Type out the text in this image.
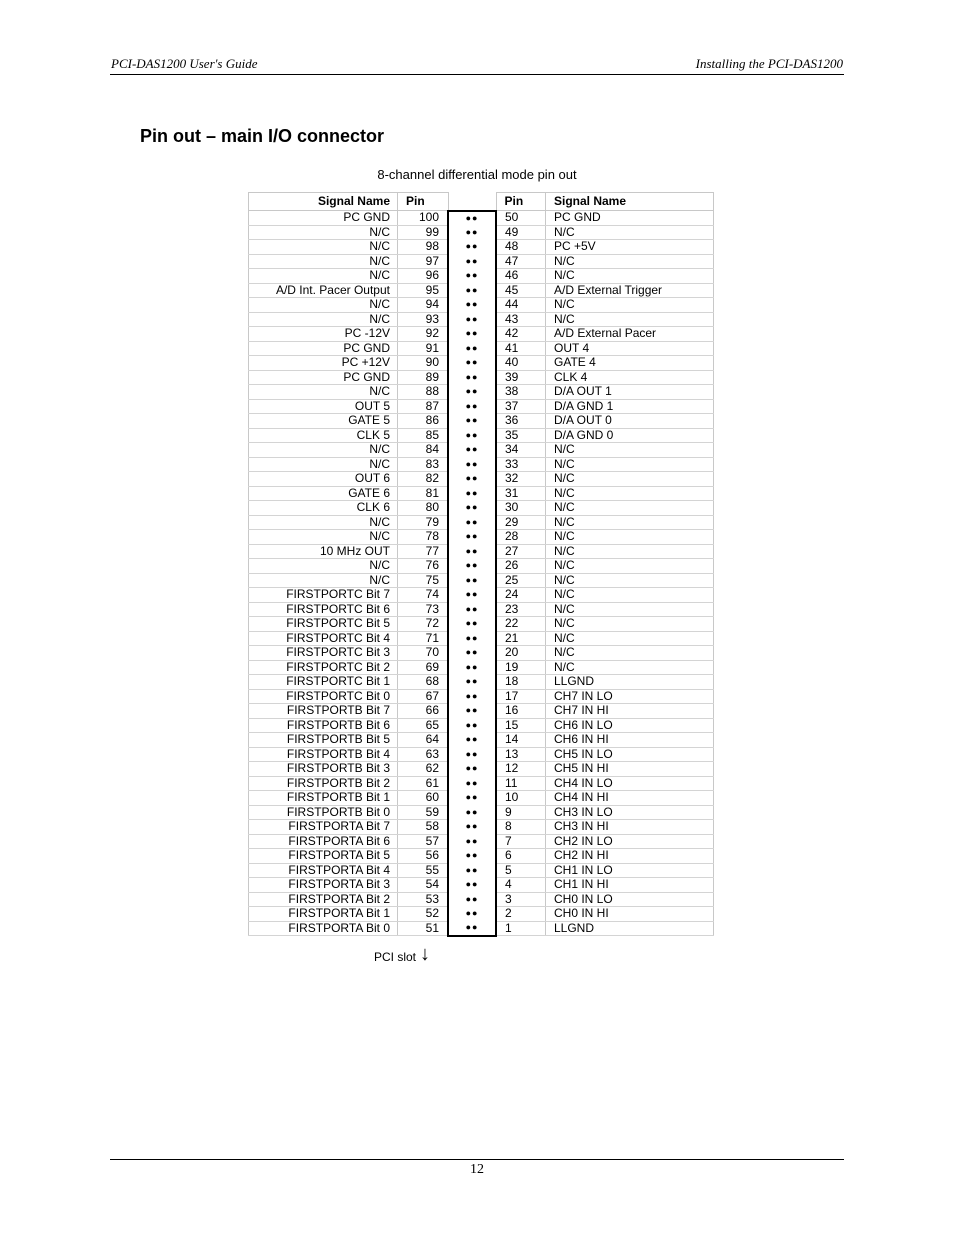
PCI-DAS1200 User's Guide	Installing the PCI-DAS1200
Pin out – main I/O connector
8-channel differential mode pin out
Signal Name	Pin		Pin	Signal Name
PC GND	100	●●	50	PC GND
N/C	99	●●	49	N/C
N/C	98	●●	48	PC +5V
N/C	97	●●	47	N/C
N/C	96	●●	46	N/C
A/D Int. Pacer Output	95	●●	45	A/D External Trigger
N/C	94	●●	44	N/C
N/C	93	●●	43	N/C
PC -12V	92	●●	42	A/D External Pacer
PC GND	91	●●	41	OUT 4
PC +12V	90	●●	40	GATE 4
PC GND	89	●●	39	CLK 4
N/C	88	●●	38	D/A OUT 1
OUT 5	87	●●	37	D/A GND 1
GATE 5	86	●●	36	D/A OUT 0
CLK 5	85	●●	35	D/A GND 0
N/C	84	●●	34	N/C
N/C	83	●●	33	N/C
OUT 6	82	●●	32	N/C
GATE 6	81	●●	31	N/C
CLK 6	80	●●	30	N/C
N/C	79	●●	29	N/C
N/C	78	●●	28	N/C
10 MHz OUT	77	●●	27	N/C
N/C	76	●●	26	N/C
N/C	75	●●	25	N/C
FIRSTPORTC Bit 7	74	●●	24	N/C
FIRSTPORTC Bit 6	73	●●	23	N/C
FIRSTPORTC Bit 5	72	●●	22	N/C
FIRSTPORTC Bit 4	71	●●	21	N/C
FIRSTPORTC Bit 3	70	●●	20	N/C
FIRSTPORTC Bit 2	69	●●	19	N/C
FIRSTPORTC Bit 1	68	●●	18	LLGND
FIRSTPORTC Bit 0	67	●●	17	CH7 IN LO
FIRSTPORTB Bit 7	66	●●	16	CH7 IN HI
FIRSTPORTB Bit 6	65	●●	15	CH6 IN LO
FIRSTPORTB Bit 5	64	●●	14	CH6 IN HI
FIRSTPORTB Bit 4	63	●●	13	CH5 IN LO
FIRSTPORTB Bit 3	62	●●	12	CH5 IN HI
FIRSTPORTB Bit 2	61	●●	11	CH4 IN LO
FIRSTPORTB Bit 1	60	●●	10	CH4 IN HI
FIRSTPORTB Bit 0	59	●●	9	CH3 IN LO
FIRSTPORTA Bit 7	58	●●	8	CH3 IN HI
FIRSTPORTA Bit 6	57	●●	7	CH2 IN LO
FIRSTPORTA Bit 5	56	●●	6	CH2 IN HI
FIRSTPORTA Bit 4	55	●●	5	CH1 IN LO
FIRSTPORTA Bit 3	54	●●	4	CH1 IN HI
FIRSTPORTA Bit 2	53	●●	3	CH0 IN LO
FIRSTPORTA Bit 1	52	●●	2	CH0 IN HI
FIRSTPORTA Bit 0	51	●●	1	LLGND
PCI slot ↓
12
